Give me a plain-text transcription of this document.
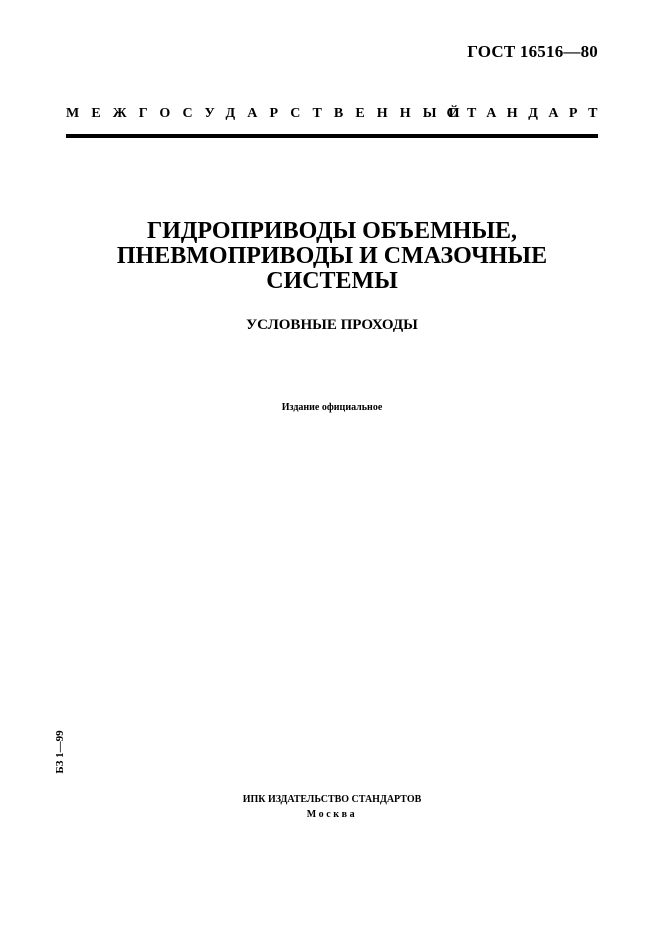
ГОСТ 16516—80
МЕЖГОСУДАРСТВЕННЫЙ
СТАНДАРТ
ГИДРОПРИВОДЫ ОБЪЕМНЫЕ,
ПНЕВМОПРИВОДЫ И СМАЗОЧНЫЕ
СИСТЕМЫ
УСЛОВНЫЕ ПРОХОДЫ
Издание официальное
БЗ 1—99
ИПК ИЗДАТЕЛЬСТВО СТАНДАРТОВ
Москва
